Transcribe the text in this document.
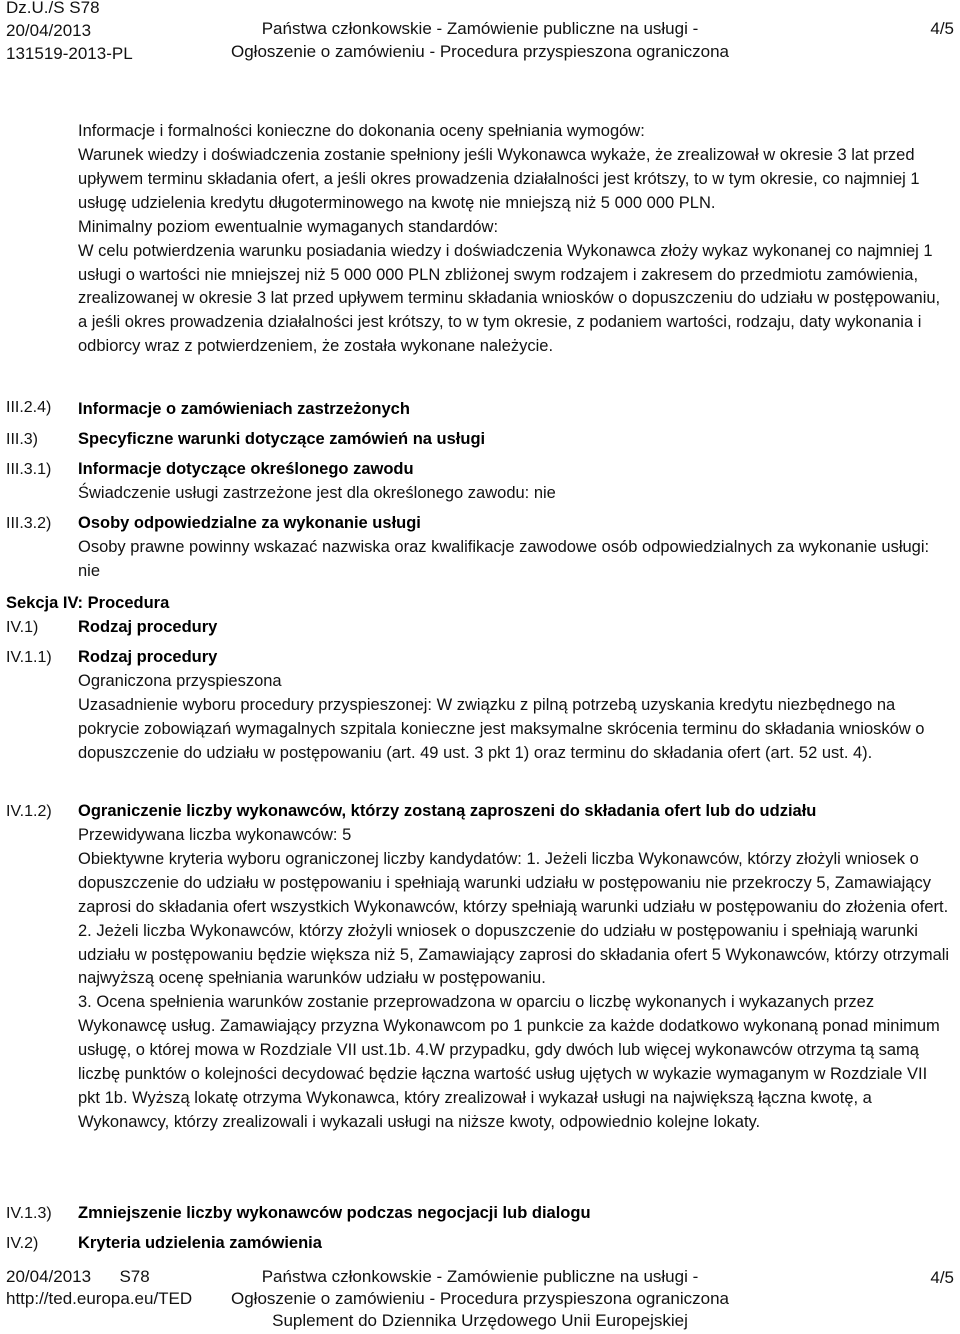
Dz.U./S S78
20/04/2013
131519-2013-PL
Państwa członkowskie - Zamówienie publiczne na usługi -
Ogłoszenie o zamówieniu - Procedura przyspieszona ograniczona
4/5

Informacje i formalności konieczne do dokonania oceny spełniania wymogów:

Warunek wiedzy i doświadczenia zostanie spełniony jeśli Wykonawca wykaże, że zrealizował w okresie 3 lat przed upływem terminu składania ofert, a jeśli okres prowadzenia działalności jest krótszy, to w tym okresie, co najmniej 1 usługę udzielenia kredytu długoterminowego na kwotę nie mniejszą niż 5 000 000 PLN.

Minimalny poziom ewentualnie wymaganych standardów:

W celu potwierdzenia warunku posiadania wiedzy i doświadczenia Wykonawca złoży wykaz wykonanej co najmniej 1 usługi o wartości nie mniejszej niż 5 000 000 PLN zbliżonej swym rodzajem i zakresem do przedmiotu zamówienia, zrealizowanej w okresie 3 lat przed upływem terminu składania wniosków o dopuszczeniu do udziału w postępowaniu, a jeśli okres prowadzenia działalności jest krótszy, to w tym okresie, z podaniem wartości, rodzaju, daty wykonania i odbiorcy wraz z potwierdzeniem, że została wykonane należycie.

III.2.4) Informacje o zamówieniach zastrzeżonych
III.3) Specyficzne warunki dotyczące zamówień na usługi
III.3.1) Informacje dotyczące określonego zawodu

Świadczenie usługi zastrzeżone jest dla określonego zawodu: nie

III.3.2) Osoby odpowiedzialne za wykonanie usługi

Osoby prawne powinny wskazać nazwiska oraz kwalifikacje zawodowe osób odpowiedzialnych za wykonanie usługi: nie

Sekcja IV: Procedura
IV.1) Rodzaj procedury
IV.1.1) Rodzaj procedury

Ograniczona przyspieszona

Uzasadnienie wyboru procedury przyspieszonej: W związku z pilną potrzebą uzyskania kredytu niezbędnego na pokrycie zobowiązań wymagalnych szpitala konieczne jest maksymalne skrócenia terminu do składania wniosków o dopuszczenie do udziału w postępowaniu (art. 49 ust. 3 pkt 1) oraz terminu do składania ofert (art. 52 ust. 4).

IV.1.2) Ograniczenie liczby wykonawców, którzy zostaną zaproszeni do składania ofert lub do udziału

Przewidywana liczba wykonawców: 5

Obiektywne kryteria wyboru ograniczonej liczby kandydatów: 1. Jeżeli liczba Wykonawców, którzy złożyli wniosek o dopuszczenie do udziału w postępowaniu i spełniają warunki udziału w postępowaniu nie przekroczy 5, Zamawiający zaprosi do składania ofert wszystkich Wykonawców, którzy spełniają warunki udziału w postępowaniu do złożenia ofert.

2. Jeżeli liczba Wykonawców, którzy złożyli wniosek o dopuszczenie do udziału w postępowaniu i spełniają warunki udziału w postępowaniu będzie większa niż 5, Zamawiający zaprosi do składania ofert 5 Wykonawców, którzy otrzymali najwyższą ocenę spełniania warunków udziału w postępowaniu.

3. Ocena spełnienia warunków zostanie przeprowadzona w oparciu o liczbę wykonanych i wykazanych przez Wykonawcę usług. Zamawiający przyzna Wykonawcom po 1 punkcie za każde dodatkowo wykonaną ponad minimum usługę, o której mowa w Rozdziale VII ust.1b. 4.W przypadku, gdy dwóch lub więcej wykonawców otrzyma tą samą liczbę punktów o kolejności decydować będzie łączna wartość usług ujętych w wykazie wymaganym w Rozdziale VII pkt 1b. Wyższą lokatę otrzyma Wykonawca, który zrealizował i wykazał usługi na największą łączna kwotę, a Wykonawcy, którzy zrealizowali i wykazali usługi na niższe kwoty, odpowiednio kolejne lokaty.

IV.1.3) Zmniejszenie liczby wykonawców podczas negocjacji lub dialogu
IV.2) Kryteria udzielenia zamówienia
20/04/2013 S78
http://ted.europa.eu/TED
Państwa członkowskie - Zamówienie publiczne na usługi -
Ogłoszenie o zamówieniu - Procedura przyspieszona ograniczona
Suplement do Dziennika Urzędowego Unii Europejskiej
4/5
